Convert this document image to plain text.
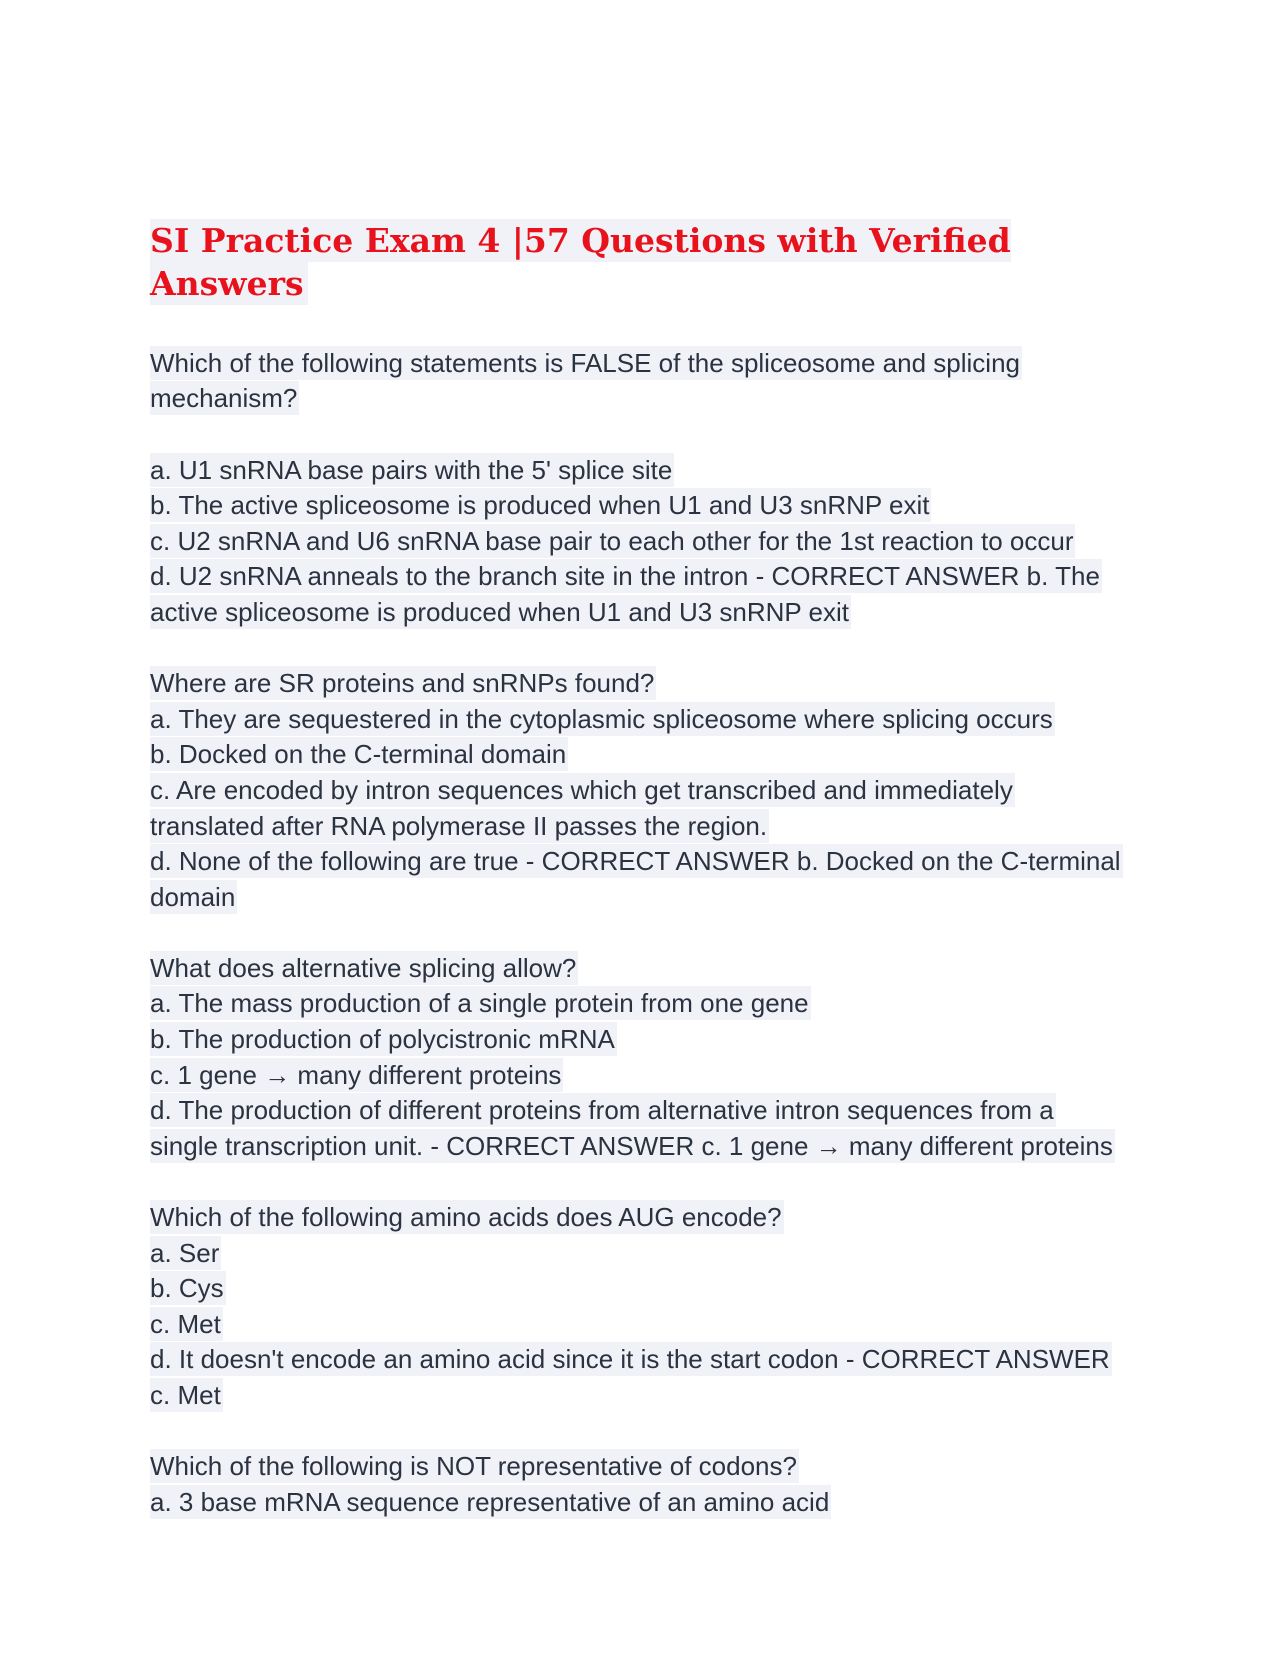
SI Practice Exam 4 |57 Questions with Verified Answers
Which of the following statements is FALSE of the spliceosome and splicing
mechanism?
a. U1 snRNA base pairs with the 5' splice site
b. The active spliceosome is produced when U1 and U3 snRNP exit
c. U2 snRNA and U6 snRNA base pair to each other for the 1st reaction to occur
d. U2 snRNA anneals to the branch site in the intron - CORRECT ANSWER b. The
active spliceosome is produced when U1 and U3 snRNP exit
Where are SR proteins and snRNPs found?
a. They are sequestered in the cytoplasmic spliceosome where splicing occurs
b. Docked on the C-terminal domain
c. Are encoded by intron sequences which get transcribed and immediately
translated after RNA polymerase II passes the region.
d. None of the following are true - CORRECT ANSWER b. Docked on the C-terminal
domain
What does alternative splicing allow?
a. The mass production of a single protein from one gene
b. The production of polycistronic mRNA
c. 1 gene → many different proteins
d. The production of different proteins from alternative intron sequences from a
single transcription unit. - CORRECT ANSWER c. 1 gene → many different proteins
Which of the following amino acids does AUG encode?
a. Ser
b. Cys
c. Met
d. It doesn't encode an amino acid since it is the start codon - CORRECT ANSWER
c. Met
Which of the following is NOT representative of codons?
a. 3 base mRNA sequence representative of an amino acid
